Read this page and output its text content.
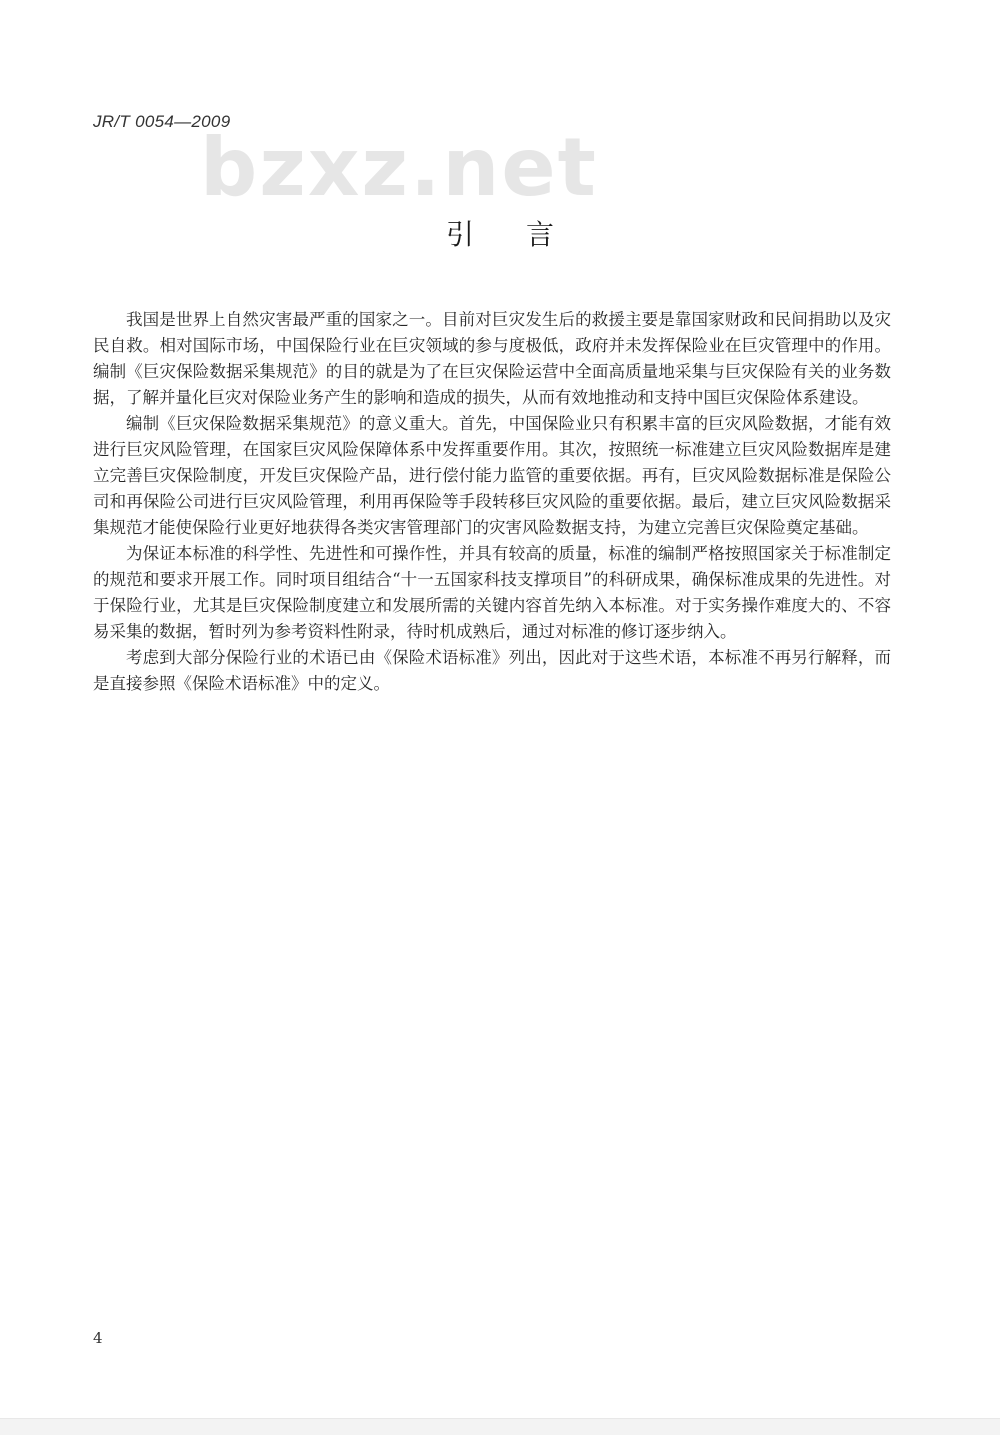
JR/T 0054—2009
bzxz.net
引 言

我国是世界上自然灾害最严重的国家之一。目前对巨灾发生后的救援主要是靠国家财政和民间捐助以及灾民自救。相对国际市场，中国保险行业在巨灾领域的参与度极低，政府并未发挥保险业在巨灾管理中的作用。编制《巨灾保险数据采集规范》的目的就是为了在巨灾保险运营中全面高质量地采集与巨灾保险有关的业务数据，了解并量化巨灾对保险业务产生的影响和造成的损失，从而有效地推动和支持中国巨灾保险体系建设。

编制《巨灾保险数据采集规范》的意义重大。首先，中国保险业只有积累丰富的巨灾风险数据，才能有效进行巨灾风险管理，在国家巨灾风险保障体系中发挥重要作用。其次，按照统一标准建立巨灾风险数据库是建立完善巨灾保险制度，开发巨灾保险产品，进行偿付能力监管的重要依据。再有，巨灾风险数据标准是保险公司和再保险公司进行巨灾风险管理，利用再保险等手段转移巨灾风险的重要依据。最后，建立巨灾风险数据采集规范才能使保险行业更好地获得各类灾害管理部门的灾害风险数据支持，为建立完善巨灾保险奠定基础。

为保证本标准的科学性、先进性和可操作性，并具有较高的质量，标准的编制严格按照国家关于标准制定的规范和要求开展工作。同时项目组结合“十一五国家科技支撑项目”的科研成果，确保标准成果的先进性。对于保险行业，尤其是巨灾保险制度建立和发展所需的关键内容首先纳入本标准。对于实务操作难度大的、不容易采集的数据，暂时列为参考资料性附录，待时机成熟后，通过对标准的修订逐步纳入。

考虑到大部分保险行业的术语已由《保险术语标准》列出，因此对于这些术语，本标准不再另行解释，而是直接参照《保险术语标准》中的定义。

4
